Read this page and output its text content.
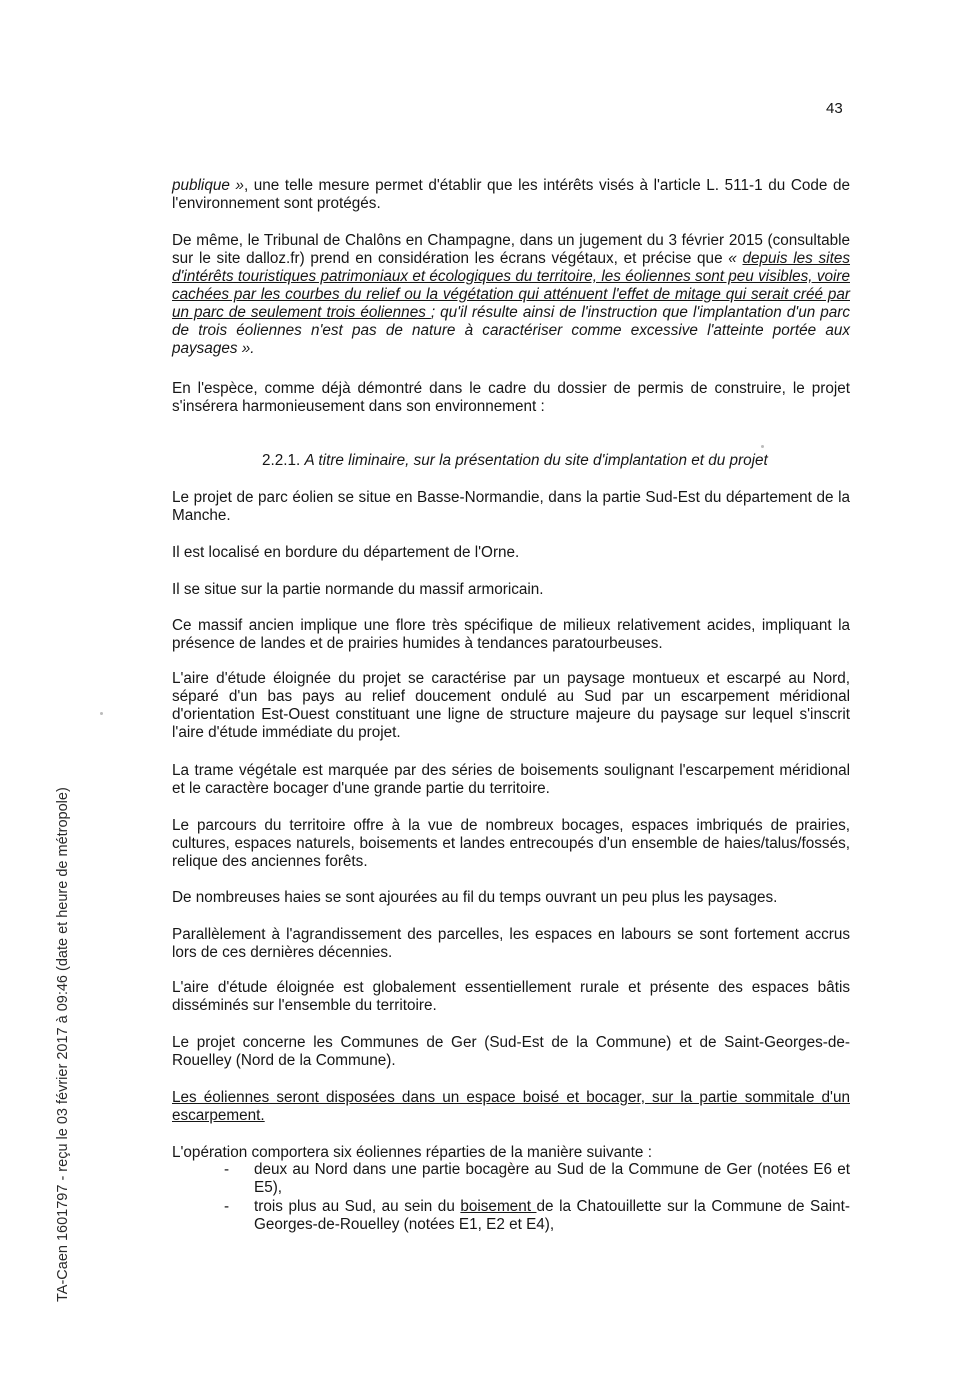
43

publique », une telle mesure permet d'établir que les intérêts visés à l'article L. 511-1 du Code de l'environnement sont protégés.

De même, le Tribunal de Chalôns en Champagne, dans un jugement du 3 février 2015 (consultable sur le site dalloz.fr) prend en considération les écrans végétaux, et précise que « depuis les sites d'intérêts touristiques patrimoniaux et écologiques du territoire, les éoliennes sont peu visibles, voire cachées par les courbes du relief ou la végétation qui atténuent l'effet de mitage qui serait créé par un parc de seulement trois éoliennes ; qu'il résulte ainsi de l'instruction que l'implantation d'un parc de trois éoliennes n'est pas de nature à caractériser comme excessive l'atteinte portée aux paysages ».

En l'espèce, comme déjà démontré dans le cadre du dossier de permis de construire, le projet s'insérera harmonieusement dans son environnement :

2.2.1. A titre liminaire, sur la présentation du site d'implantation et du projet

Le projet de parc éolien se situe en Basse-Normandie, dans la partie Sud-Est du département de la Manche.

Il est localisé en bordure du département de l'Orne.

Il se situe sur la partie normande du massif armoricain.

Ce massif ancien implique une flore très spécifique de milieux relativement acides, impliquant la présence de landes et de prairies humides à tendances paratourbeuses.

L'aire d'étude éloignée du projet se caractérise par un paysage montueux et escarpé au Nord, séparé d'un bas pays au relief doucement ondulé au Sud par un escarpement méridional d'orientation Est-Ouest constituant une ligne de structure majeure du paysage sur lequel s'inscrit l'aire d'étude immédiate du projet.

La trame végétale est marquée par des séries de boisements soulignant l'escarpement méridional et le caractère bocager d'une grande partie du territoire.

Le parcours du territoire offre à la vue de nombreux bocages, espaces imbriqués de prairies, cultures, espaces naturels, boisements et landes entrecoupés d'un ensemble de haies/talus/fossés, relique des anciennes forêts.

De nombreuses haies se sont ajourées au fil du temps ouvrant un peu plus les paysages.

Parallèlement à l'agrandissement des parcelles, les espaces en labours se sont fortement accrus lors de ces dernières décennies.

L'aire d'étude éloignée est globalement essentiellement rurale et présente des espaces bâtis disséminés sur l'ensemble du territoire.

Le projet concerne les Communes de Ger (Sud-Est de la Commune) et de Saint-Georges-de-Rouelley (Nord de la Commune).

Les éoliennes seront disposées dans un espace boisé et bocager, sur la partie sommitale d'un escarpement.

L'opération comportera six éoliennes réparties de la manière suivante :

- deux au Nord dans une partie bocagère au Sud de la Commune de Ger (notées E6 et E5),
- trois plus au Sud, au sein du boisement de la Chatouillette sur la Commune de Saint-Georges-de-Rouelley (notées E1, E2 et E4),
TA-Caen 1601797 - reçu le 03 février 2017 à 09:46 (date et heure de métropole)
